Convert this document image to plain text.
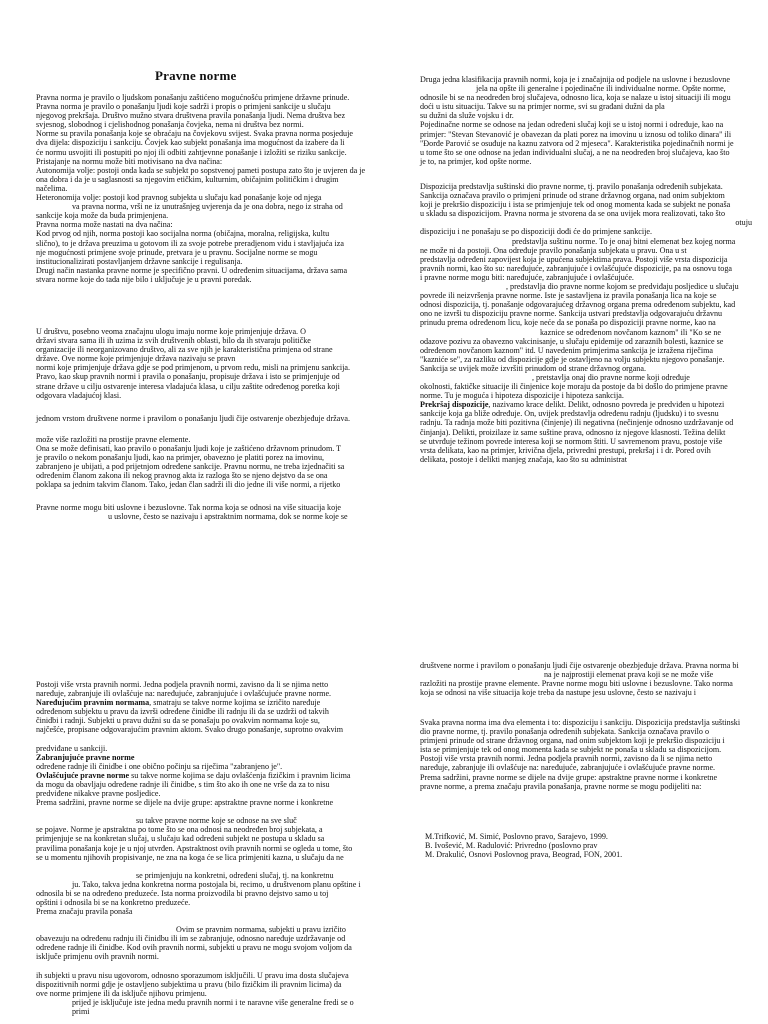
Pravne norme

Pravna norma je pravilo o ljudskom ponašanju zaštićeno mogućnošću primjene državne prinude.

Pravna norma je pravilo o ponašanju ljudi koje sadrži i propis o primjeni sankcije u slučaju

njegovog prekršaja. Društvo mužno stvara društvena pravila ponašanja ljudi. Nema društva bez

svjesnog, slobodnog i cjelishodnog ponašanja čovjeka, nema ni društva bez normi.

Norme su pravila ponašanja koje se obraćaju na čovjekovu svijest. Svaka pravna norma posjeduje

dva dijela: dispoziciju i sankciju. Čovjek kao subjekt ponašanja ima mogućnost da izabere da li

će normu usvojiti ili postupiti po njoj ili odbiti zahtjevnne ponašanje i izložiti se riziku sankcije.

Pristajanje na normu može biti motivisano na dva načina:

Autonomija volje: postoji onda kada se subjekt po sopstvenoj pameti postupa zato što je uvjeren da je

ona dobra i da je u saglasnosti sa njegovim etičkim, kulturnim, običajnim političkim i drugim

načelima.

Heteronomija volje: postoji kod pravnog subjekta u slučaju kad ponašanje koje od njega

va pravna norma, vrši ne iz unutrašnjeg uvjerenja da je ona dobra, nego iz straha od

sankcije koja može da buda primjenjena.

Pravna norma može nastati na dva načina:

Kod prvog od njih, norma postoji kao socijalna norma (običajna, moralna, religijska, kultu

slično), to je država preuzima u gotovom ili za svoje potrebe preradjenom vidu i stavljajuća iza

nje mogućnosti primjene svoje prinude, pretvara je u pravnu. Socijalne norme se mogu

institucionalizirati postavljanjem državne sankcije i regulisanja.

Drugi način nastanka pravne norme je specifično pravni. U određenim situacijama, država sama

stvara norme koje do tada nije bilo i uključuje je u pravni poredak.

U društvu, posebno veoma značajnu ulogu imaju norme koje primjenjuje država. O

državi stvara sama ili ih uzima iz svih društvenih oblasti, bilo da ih stvaraju političke

organizacije ili neorganizovano društvo, ali za sve njih je karakterističnа primjena od strane

države. Ove norme koje primjenjuje država nazivaju se pravn

normi koje primjenjuje država gdje se pod primjenom, u prvom redu, misli na primjenu sankcija.

Pravo, kao skup pravnih normi i pravila o ponašanju, propisuje država i isto se primjenjuje od

strane države u cilju ostvarenje interesa vladajuća klasa, u cilju zaštite određenog poretka koji

odgovara vladajućoj klasi.

jednom vrstom društvene norme i pravilom o ponašanju ljudi čije ostvarenje obezbjeđuje država.

može više razložiti na prostije pravne elemente.

Ona se može definisati, kao pravilo o ponašanju ljudi koje je zaštićeno državnom prinudom. T

je pravilo o nekom ponašanju ljudi, kao na primjer, obavezno je platiti porez na imovinu,

zabranjeno je ubijati, a pod prijetnjom određene sankcije. Pravnu normu, ne treba izjednačiti sa

određenim članom zakona ili nekog pravnog akta iz razloga što se njeno dejstvo da se ona

poklapa sa jednim takvim članom. Tako, jedan član sadrži ili dio jedne ili više normi, a rijetko

Pravne norme mogu biti uslovne i bezuslovne. Tak norma koja se odnosi na više situacija koje

u uslovne, često se nazivaju i apstraktnim normama, dok se norme koje se

Postoji više vrsta pravnih normi. Jedna podjela pravnih normi, zavisno da li se njima netto

naređuje, zabranjuje ili ovlašćuje na: naređujuće, zabranjujuće i ovlašćujuće pravne norme.

Naređujućim pravnim normama, smatraju se takve norme kojima se izričito naređuje

određenom subjektu u pravu da izvrši određene činidbe ili radnju ili da se uzdrži od takvih

činidbi i radnji. Subjekti u pravu dužni su da se ponašaju po ovakvim normama koje su,

najčešće, propisane odgovarajućim pravnim aktom. Svako drugo ponašanje, suprotno ovakvim

predviđane u sankciji.

Zabranjujuće pravne norme

određene radnje ili činidbe i one obično počinju sa riječima "zabranjeno je".

Ovlašćujuće pravne norme su takve norme kojima se daju ovlašćenja fizičkim i pravnim licima

da mogu da obavljaju određene radnje ili činidbe, s tim što ako ih one ne vrše da za to nisu

predviđene nikakve pravne posljedice.

Prema sadržini, pravne norme se dijele na dvije grupe: apstraktne pravne norme i konkretne

su takve pravne norme koje se odnose na sve sluč

se pojave. Norme je apstraktna po tome što se ona odnosi na neodređen broj subjekata, a

primjenjuje se na konkretan slučaj, u slučaju kad određeni subjekt ne postupa u skladu sa

pravilima ponašanja koje je u njoj utvrđen. Apstraktnost ovih pravnih normi se ogleda u tome, što

se u momentu njihovih propisivanje, ne zna na koga će se lica primjeniti kazna, u slučaju da ne

se primjenjuju na konkretni, određeni slučaj, tj. na konkretnu

ju. Tako, takva jedna konkretna norma postojala bi, recimo, u društvenom planu opštine i

odnosila bi se na određeno preduzeće. Ista norma proizvodila bi pravno dejstvo samo u toj

opštini i odnosila bi se na konkretno preduzeće.

Prema značaju pravila ponaša

Ovim se pravnim normama, subjekti u pravu izričito

obavezuju na određenu radnju ili činidbu ili im se zabranjuje, odnosno naređuje uzdržavanje od

određene radnje ili činidbe. Kod ovih pravnih normi, subjekti u pravu ne mogu svojom voljom da

isključe primjenu ovih pravnih normi.

ih subjekti u pravu nisu ugovorom, odnosno sporazumom isključili. U pravu ima dosta slučajeva

dispozitivnih normi gdje je ostavljeno subjektima u pravu (bilo fizičkim ili pravnim licima) da

ove norme primjene ili da isključe njihovu primjenu.

prijed je isključuje iste jedna među pravnih normi i te naravne više generalne fredi se o primi

Druga jedna klasifikacija pravnih normi, koja je i značajnija od podjele na uslovne i bezuslovne

jela na opšte ili generalne i pojedinačne ili individualne norme. Opšte norme,

odnosile bi se na neodređen broj slučajeva, odnosno lica, koja se nalaze u istoj situaciji ili mogu

doći u istu situaciju. Takve su na primjer norme, svi su građani dužni da pla

su dužni da služe vojsku i dr.

Pojedinačne norme se odnose na jedan određeni slučaj koji se u istoj normi i određuje, kao na

primjer: "Stevan Stevanović je obavezan da plati porez na imovinu u iznosu od toliko dinara" ili

"Đorđe Parović se osuđuje na kaznu zatvora od 2 mjeseca". Karakteristika pojedinačnih normi je

u tome što se one odnose na jedan individualni slučaj, a ne na neodređen broj slučajeva, kao što

je to, na primjer, kod opšte norme.

Dispozicija predstavlja suštinski dio pravne norme, tj. pravilo ponašanja određenih subjekata.

Sankcija označava pravilo o primjeni prinude od strane državnog organa, nad onim subjektom

koji je prekršio dispoziciju i ista se primjenjuje tek od onog momenta kada se subjekt ne ponaša

u skladu sa dispozicijom. Pravna norma je stvorena da se ona uvijek mora realizovati, tako što

otuju

dispoziciju i ne ponašaju se po dispoziciji dođi će do primjene sankcije.

predstavlja suštinu norme. To je onaj bitni elemenat bez kojeg norma

ne može ni da postoji. Ona određuje pravilo ponašanja subjekata u pravu. Ona u st

predstavlja određeni zapovijest koja je upućena subjektima prava. Postoji više vrsta dispozicija

pravnih normi, kao što su: naređujuće, zabranjujuće i ovlašćujuće dispozicije, pa na osnovu toga

i pravne norme mogu biti: naređujuće, zabranjujuće i ovlašćujuće.

, predstavlja dio pravne norme kojom se predviđaju posljedice u slučaju

povrede ili neizvršenja pravne norme. Iste je sastavljena iz pravila ponašanja lica na koje se

odnosi dispozicija, tj. ponašanje odgovarajućeg državnog organa prema određenom subjektu, kad

ono ne izvrši tu dispoziciju pravne norme. Sankcija ustvari predstavlja odgovarajuću državnu

prinudu prema određenom licu, koje neće da se ponaša po dispoziciji pravne norme, kao na

kaznice se određenom novčanom kaznom" ili "Ko se ne

odazove pozivu za obavezno vakcinisanje, u slučaju epidemije od zaraznih bolesti, kaznice se

određenom novčanom kaznom" itd. U navedenim primjerima sankcija je izražena riječima

"kazniće se", za razliku od dispozicije gdje je ostavljeno na volju subjektu njegovo ponašanje.

Sankcija se uvijek može izvršiti prinudom od strane državnog organa.

, pretstavlja onaj dio pravne norme koji određuje

okolnosti, faktičke situacije ili činjenice koje moraju da postoje da bi došlo do primjene pravne

norme. Tu je moguća i hipoteza dispozicije i hipoteza sankcija.

Prekršaj dispozicije, nazivamo krace delikt. Delikt, odnosno povreda je predviđen u hipotezi

sankcije koja ga bliže određuje. On, uvijek predstavlja određenu radnju (ljudsku) i to svesnu

radnju. Ta radnja može biti pozitivna (činjenje) ili negativna (nečinjenje odnosno uzdržavanje od

činjanja). Delikti, proizilaze iz same suštine prava, odnosno iz njegove klasnosti. Težina delikt

se utvrđuje težinom povrede interesa koji se normom štiti. U savremenom pravu, postoje više

vrsta delikata, kao na primjer, krivična djela, privredni prestupi, prekršaj i i dr. Pored ovih

delikata, postoje i delikti manjeg značaja, kao što su administrat

društvene norme i pravilom o ponašanju ljudi čije ostvarenje obezbjeđuje država. Pravna norma bi

na je najprostiji elemenat prava koji se ne može više

razložiti na prostije pravne elemente. Pravne norme mogu biti uslovne i bezuslovne. Tako norma

koja se odnosi na više situacija koje treba da nastupe jesu uslovne, često se nazivaju i

Svaka pravna norma ima dva elementa i to: dispoziciju i sankciju. Dispozicija predstavlja suštinski

dio pravne norme, tj. pravilo ponašanja određenih subjekata. Sankcija označava pravilo o

primjeni prinude od strane državnog organa, nad onim subjektom koji je prekršio dispoziciju i

ista se primjenjuje tek od onog momenta kada se subjekt ne ponaša u skladu sa dispozicijom.

Postoji više vrsta pravnih normi. Jedna podjela pravnih normi, zavisno da li se njima netto

naređuje, zabranjuje ili ovlašćuje na: naređujuće, zabranjujuće i ovlašćujuće pravne norme.

Prema sadržini, pravne norme se dijele na dvije grupe: apstraktne pravne norme i konkretne

pravne norme, a prema značaju pravila ponašanja, pravne norme se mogu podijeliti na:

M.Trifković, M. Simić, Poslovno pravo, Sarajevo, 1999.

B. Ivošević, M. Radulović: Privredno (poslovno prav

M. Drakulić, Osnovi Poslovnog prava, Beograd, FON, 2001.
